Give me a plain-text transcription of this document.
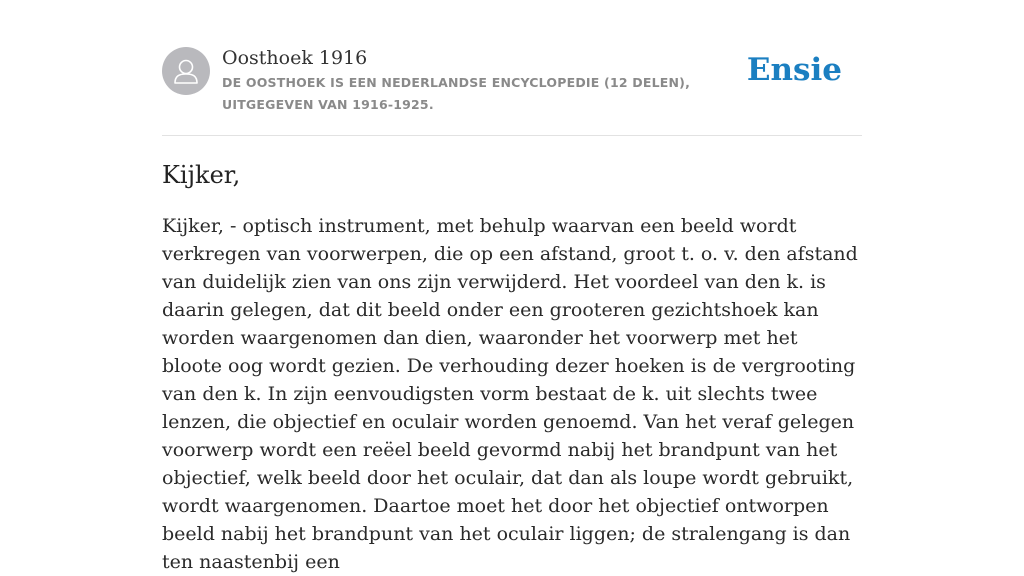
Oosthoek 1916
DE OOSTHOEK IS EEN NEDERLANDSE ENCYCLOPEDIE (12 DELEN), UITGEGEVEN VAN 1916-1925.
Ensie
Kijker,

Kijker, - optisch instrument, met behulp waarvan een beeld wordt verkregen van voorwerpen, die op een afstand, groot t. o. v. den afstand van duidelijk zien van ons zijn verwijderd. Het voordeel van den k. is daarin gelegen, dat dit beeld onder een grooteren gezichtshoek kan worden waargenomen dan dien, waaronder het voorwerp met het bloote oog wordt gezien. De verhouding dezer hoeken is de vergrooting van den k. In zijn eenvoudigsten vorm bestaat de k. uit slechts twee lenzen, die objectief en oculair worden genoemd. Van het veraf gelegen voorwerp wordt een reëel beeld gevormd nabij het brandpunt van het objectief, welk beeld door het oculair, dat dan als loupe wordt gebruikt, wordt waargenomen. Daartoe moet het door het objectief ontworpen beeld nabij het brandpunt van het oculair liggen; de stralengang is dan ten naastenbij een
